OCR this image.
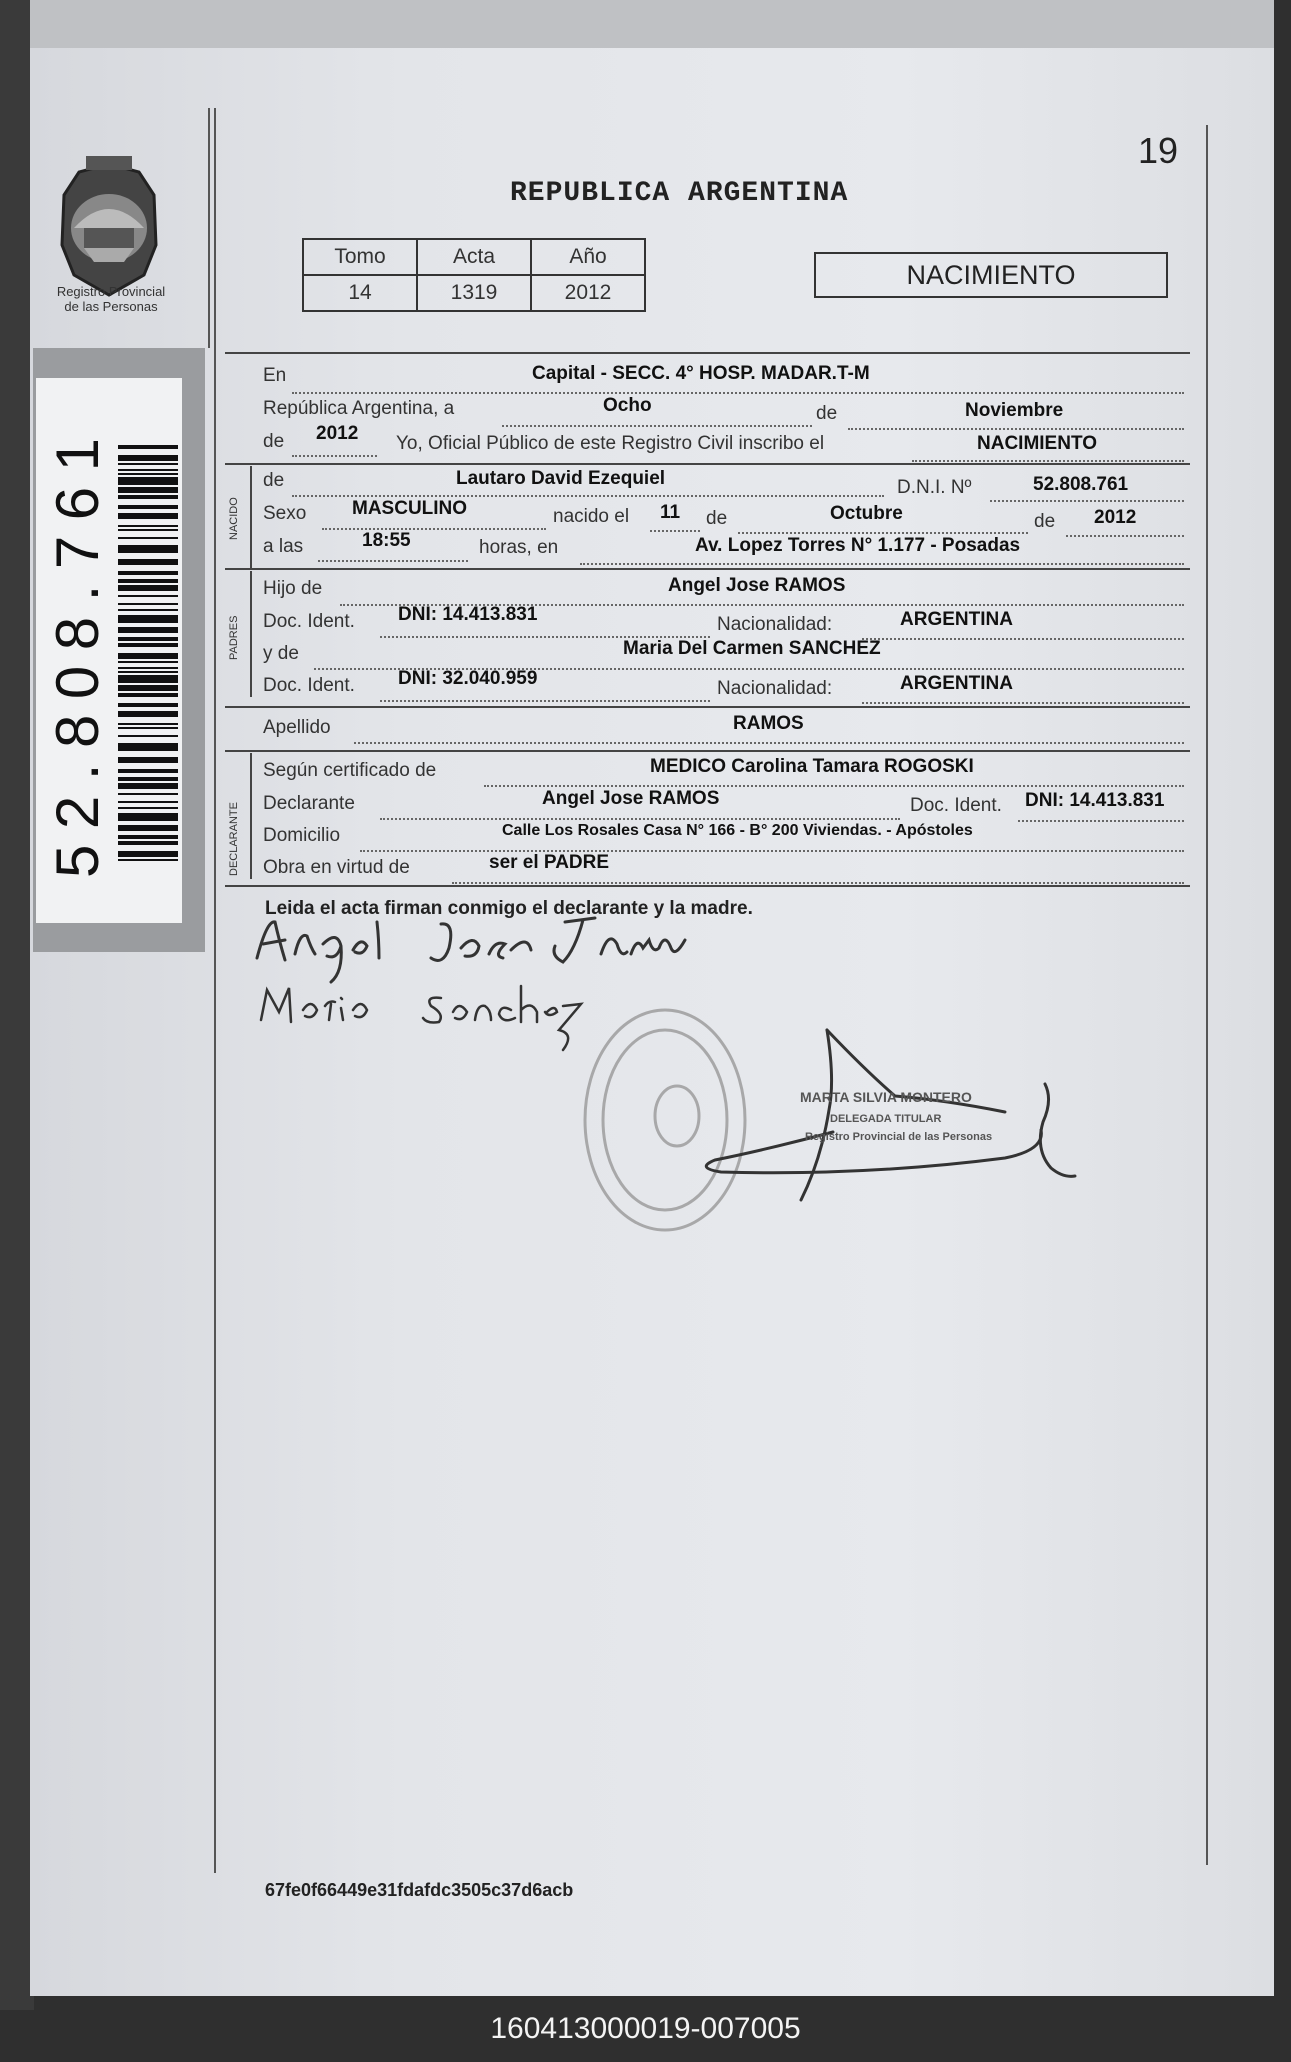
Registro Provincial
de las Personas
52.808.761
19
REPUBLICA ARGENTINA
Tomo	Acta	Año
14	1319	2012
NACIMIENTO
En	Capital - SECC. 4° HOSP. MADAR.T-M
República Argentina, a	Ocho	de	Noviembre
de 2012 Yo, Oficial Público de este Registro Civil inscribo el	NACIMIENTO
NACIDO
de	Lautaro David Ezequiel	D.N.I. Nº	52.808.761
Sexo MASCULINO	nacido el 11 de	Octubre	de 2012
a las	18:55	horas, en	Av. Lopez Torres N° 1.177 - Posadas
PADRES
Hijo de	Angel Jose RAMOS
Doc. Ident. DNI: 14.413.831	Nacionalidad:	ARGENTINA
y de	Maria Del Carmen SANCHEZ
Doc. Ident. DNI: 32.040.959	Nacionalidad:	ARGENTINA
Apellido	RAMOS
DECLARANTE
Según certificado de	MEDICO Carolina Tamara ROGOSKI
Declarante	Angel Jose RAMOS	Doc. Ident. DNI: 14.413.831
Domicilio	Calle Los Rosales Casa N° 166 - B° 200 Viviendas. - Apóstoles
Obra en virtud de	ser el PADRE
Leida el acta firman conmigo el declarante y la madre.
MARTA SILVIA MONTERO
DELEGADA TITULAR
Registro Provincial de las Personas
67fe0f66449e31fdafdc3505c37d6acb
160413000019-007005
